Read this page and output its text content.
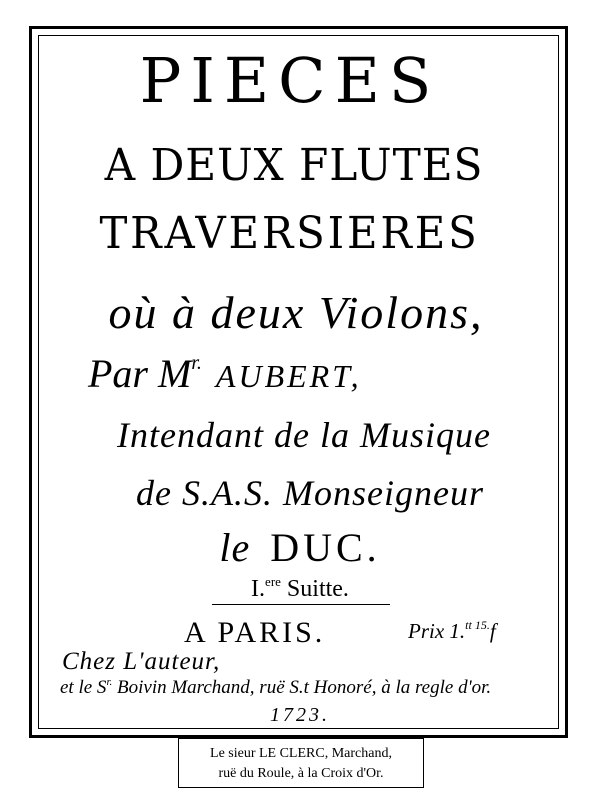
PIECES
A DEUX FLUTES
TRAVERSIERES
où à deux Violons,
Par $M^{r.}$ AUBERT,
Intendant de la Musique
de S.A.S. Monseigneur
le DUC.
I.$^{ere}$ Suitte.
A PARIS.	Prix 1.$^{tt 15.}$f
Chez L'auteur,
et le $S^{r.}$ Boivin Marchand, ruë S.t Honoré, à la regle d'or.
1723.
Le sieur LE CLERC, Marchand,
ruë du Roule, à la Croix d'Or.
